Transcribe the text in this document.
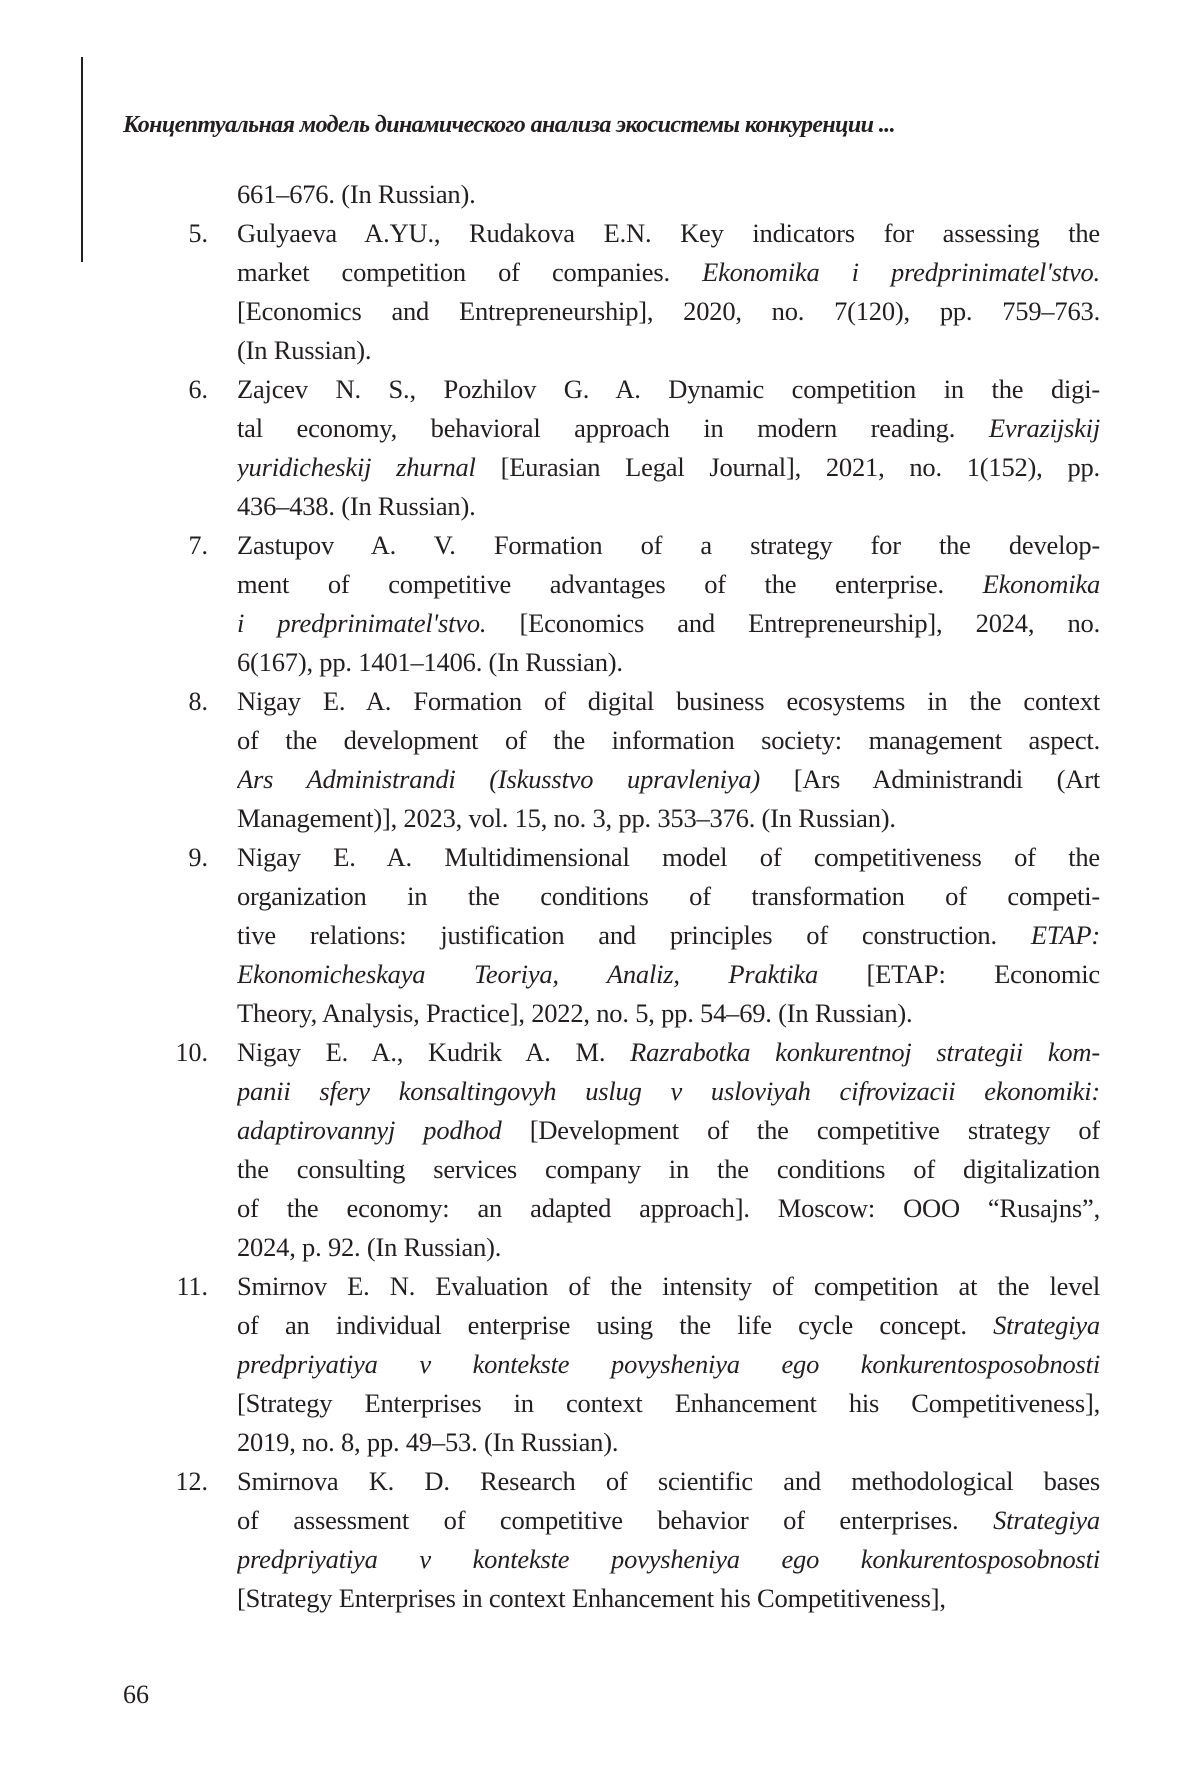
Концептуальная модель динамического анализа экосистемы конкуренции ...
661–676. (In Russian).
5. Gulyaeva A.YU., Rudakova E.N. Key indicators for assessing the
market competition of companies. Ekonomika i predprinimatel'stvo.
[Economics and Entrepreneurship], 2020, no. 7(120), pp. 759–763.
(In Russian).
6. Zajcev N. S., Pozhilov G. A. Dynamic competition in the digi-
tal economy, behavioral approach in modern reading. Evrazijskij
yuridicheskij zhurnal [Eurasian Legal Journal], 2021, no. 1(152), pp.
436–438. (In Russian).
7. Zastupov A. V. Formation of a strategy for the develop-
ment of competitive advantages of the enterprise. Ekonomika
i predprinimatel'stvo. [Economics and Entrepreneurship], 2024, no.
6(167), pp. 1401–1406. (In Russian).
8. Nigay E. A. Formation of digital business ecosystems in the context
of the development of the information society: management aspect.
Ars Administrandi (Iskusstvo upravleniya) [Ars Administrandi (Art
Management)], 2023, vol. 15, no. 3, pp. 353–376. (In Russian).
9. Nigay E. A. Multidimensional model of competitiveness of the
organization in the conditions of transformation of competi-
tive relations: justification and principles of construction. ETAP:
Ekonomicheskaya Teoriya, Analiz, Praktika [ETAP: Economic
Theory, Analysis, Practice], 2022, no. 5, pp. 54–69. (In Russian).
10. Nigay E. A., Kudrik A. M. Razrabotka konkurentnoj strategii kom-
panii sfery konsaltingovyh uslug v usloviyah cifrovizacii ekonomiki:
adaptirovannyj podhod [Development of the competitive strategy of
the consulting services company in the conditions of digitalization
of the economy: an adapted approach]. Moscow: OOO “Rusajns”,
2024, p. 92. (In Russian).
11. Smirnov E. N. Evaluation of the intensity of competition at the level
of an individual enterprise using the life cycle concept. Strategiya
predpriyatiya v kontekste povysheniya ego konkurentosposobnosti
[Strategy Enterprises in context Enhancement his Competitiveness],
2019, no. 8, pp. 49–53. (In Russian).
12. Smirnova K. D. Research of scientific and methodological bases
of assessment of competitive behavior of enterprises. Strategiya
predpriyatiya v kontekste povysheniya ego konkurentosposobnosti
[Strategy Enterprises in context Enhancement his Competitiveness],
66
